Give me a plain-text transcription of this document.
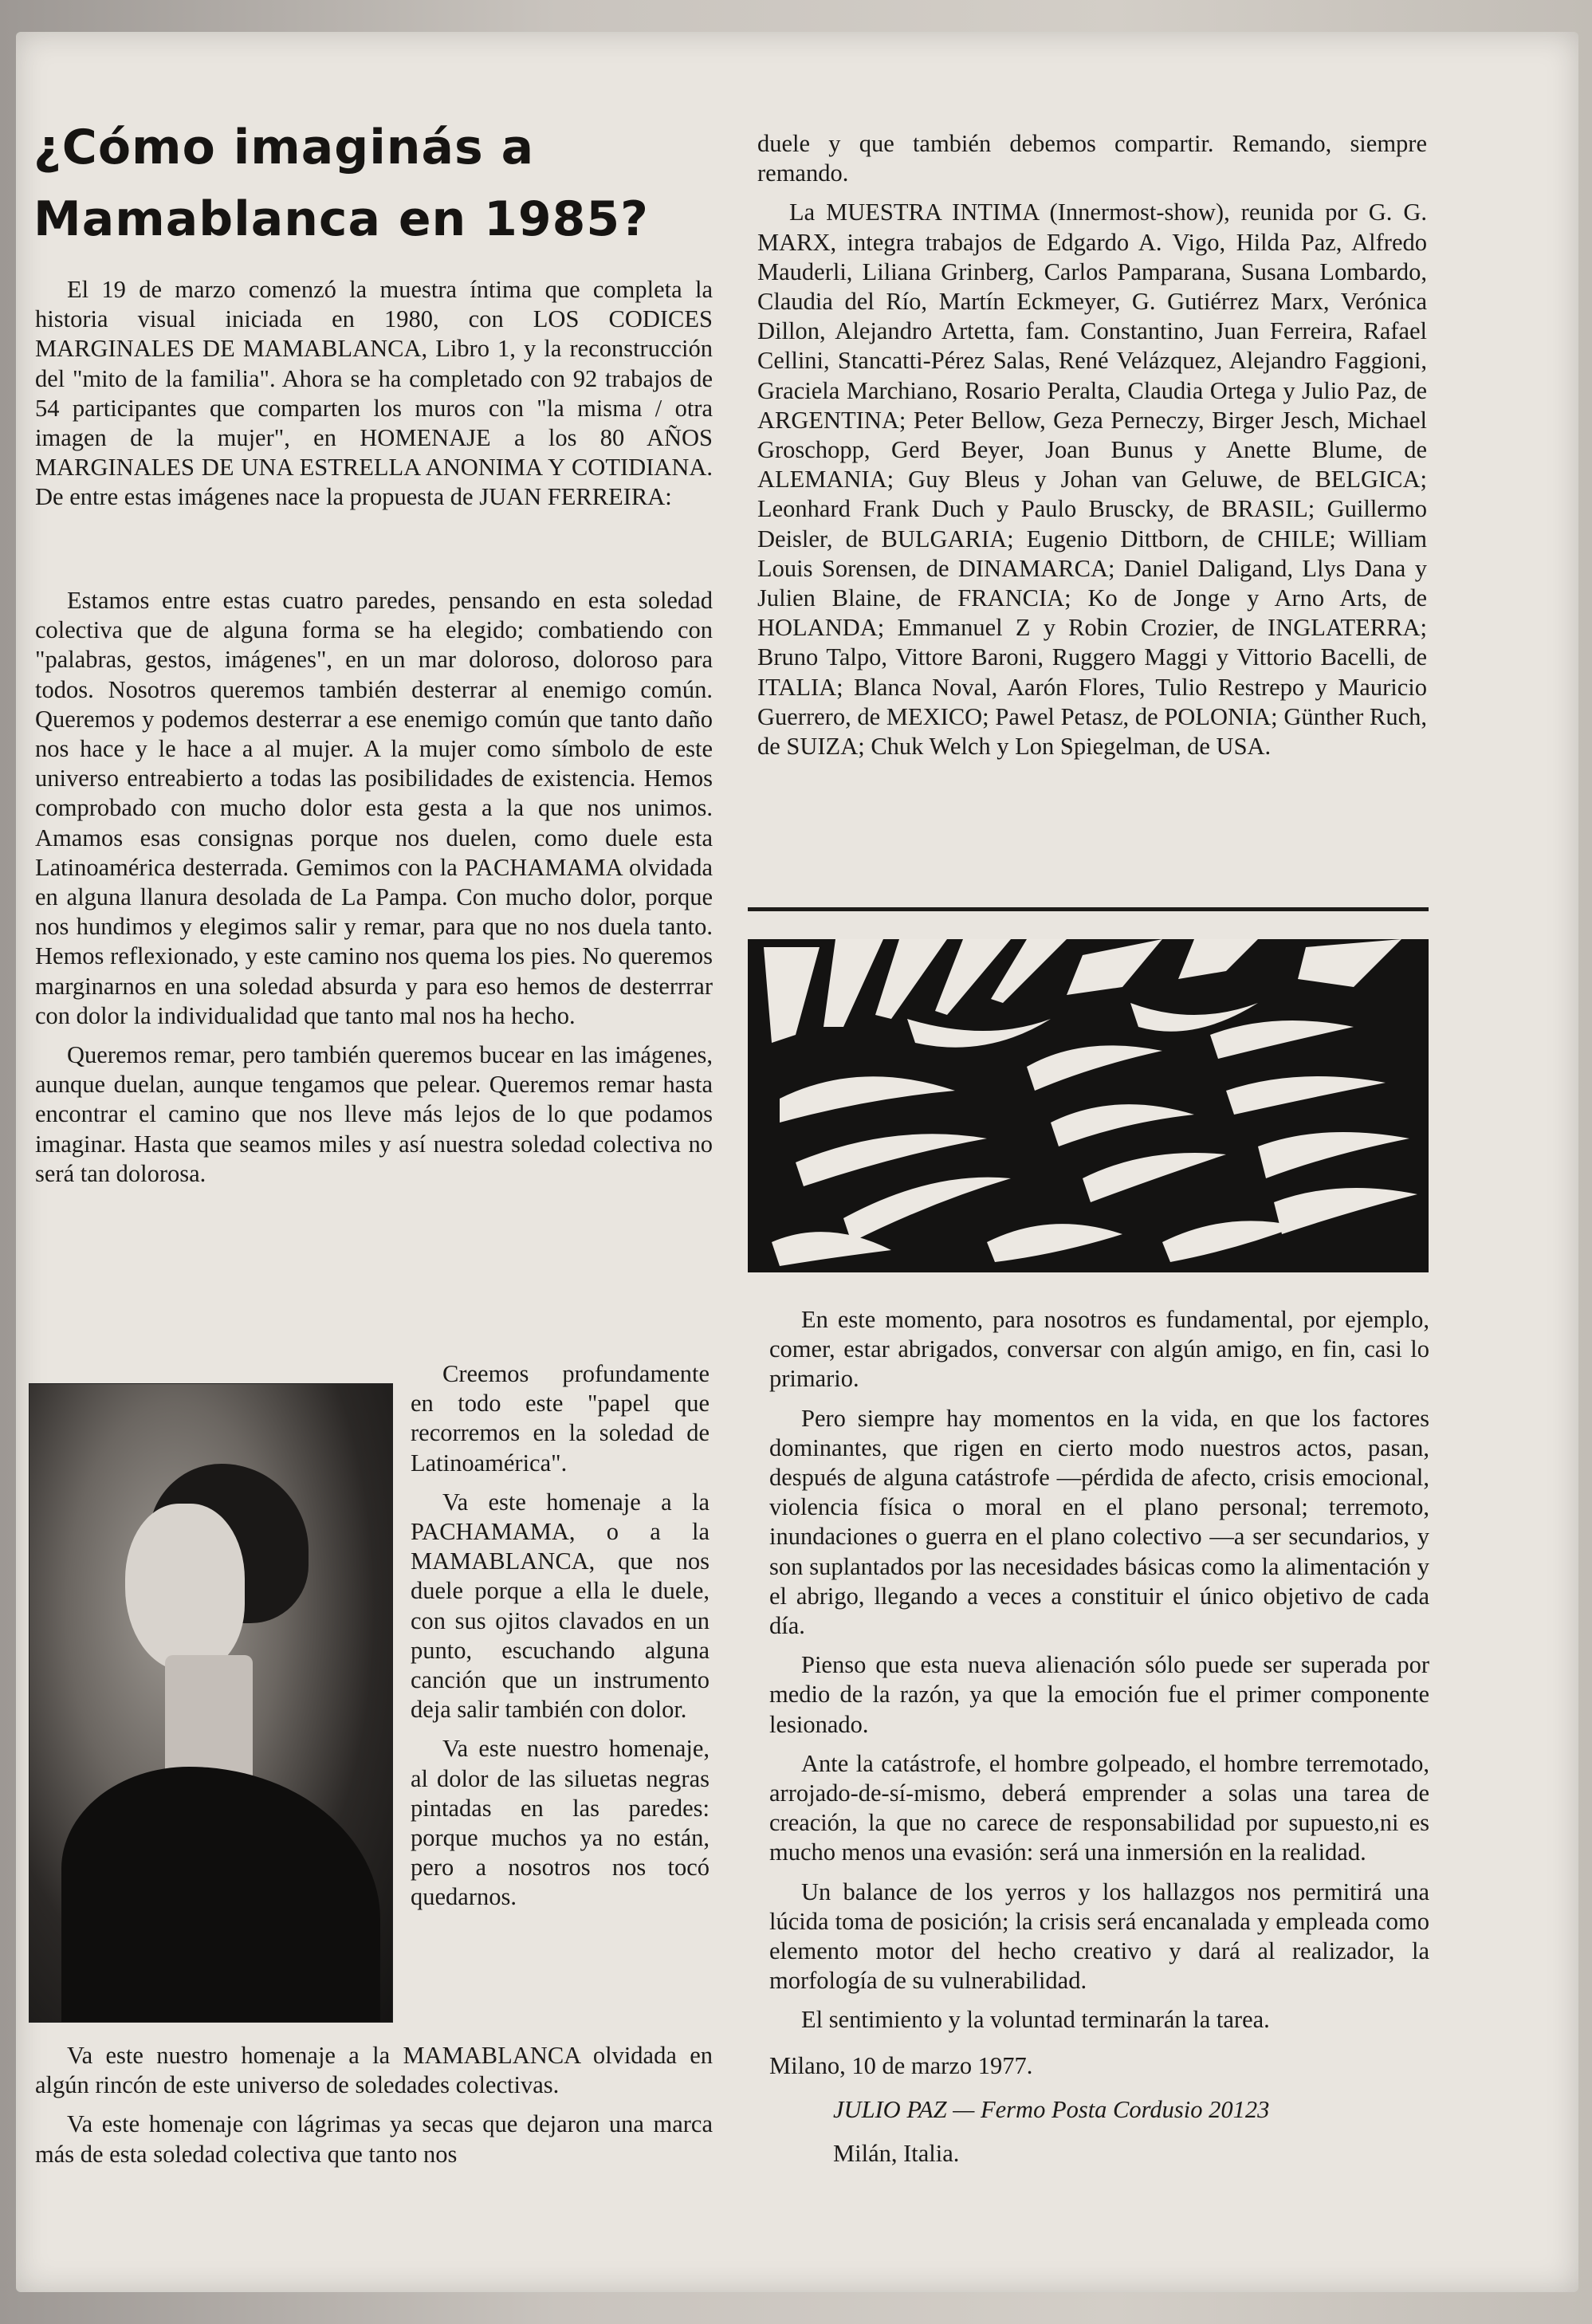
¿Cómo imaginás a
Mamablanca en 1985?

El 19 de marzo comenzó la muestra íntima que completa la historia visual iniciada en 1980, con LOS CODICES MARGINALES DE MAMABLANCA, Libro 1, y la reconstrucción del "mito de la familia". Ahora se ha completado con 92 trabajos de 54 participantes que comparten los muros con "la misma / otra imagen de la mujer", en HOMENAJE a los 80 AÑOS MARGINALES DE UNA ESTRELLA ANONIMA Y COTIDIANA. De entre estas imágenes nace la propuesta de JUAN FERREIRA:

Estamos entre estas cuatro paredes, pensando en esta soledad colectiva que de alguna forma se ha elegido; combatiendo con "palabras, gestos, imágenes", en un mar doloroso, doloroso para todos. Nosotros queremos también desterrar al enemigo común. Queremos y podemos desterrar a ese enemigo común que tanto daño nos hace y le hace a al mujer. A la mujer como símbolo de este universo entreabierto a todas las posibilidades de existencia. Hemos comprobado con mucho dolor esta gesta a la que nos unimos. Amamos esas consignas porque nos duelen, como duele esta Latinoamérica desterrada. Gemimos con la PACHAMAMA olvidada en alguna llanura desolada de La Pampa. Con mucho dolor, porque nos hundimos y elegimos salir y remar, para que no nos duela tanto. Hemos reflexionado, y este camino nos quema los pies. No queremos marginarnos en una soledad absurda y para eso hemos de desterrrar con dolor la individualidad que tanto mal nos ha hecho.

Queremos remar, pero también queremos bucear en las imágenes, aunque duelan, aunque tengamos que pelear. Queremos remar hasta encontrar el camino que nos lleve más lejos de lo que podamos imaginar. Hasta que seamos miles y así nuestra soledad colectiva no será tan dolorosa.

Creemos profundamente en todo este "papel que recorremos en la soledad de Latinoamérica".

Va este homenaje a la PACHAMAMA, o a la MAMABLANCA, que nos duele porque a ella le duele, con sus ojitos clavados en un punto, escuchando alguna canción que un instrumento deja salir también con dolor.

Va este nuestro homenaje, al dolor de las siluetas negras pintadas en las paredes: porque muchos ya no están, pero a nosotros nos tocó quedarnos.

Va este nuestro homenaje a la MAMABLANCA olvidada en algún rincón de este universo de soledades colectivas.

Va este homenaje con lágrimas ya secas que dejaron una marca más de esta soledad colectiva que tanto nos

duele y que también debemos compartir. Remando, siempre remando.

La MUESTRA INTIMA (Innermost-show), reunida por G. G. MARX, integra trabajos de Edgardo A. Vigo, Hilda Paz, Alfredo Mauderli, Liliana Grinberg, Carlos Pamparana, Susana Lombardo, Claudia del Río, Martín Eckmeyer, G. Gutiérrez Marx, Verónica Dillon, Alejandro Artetta, fam. Constantino, Juan Ferreira, Rafael Cellini, Stancatti-Pérez Salas, René Velázquez, Alejandro Faggioni, Graciela Marchiano, Rosario Peralta, Claudia Ortega y Julio Paz, de ARGENTINA; Peter Bellow, Geza Perneczy, Birger Jesch, Michael Groschopp, Gerd Beyer, Joan Bunus y Anette Blume, de ALEMANIA; Guy Bleus y Johan van Geluwe, de BELGICA; Leonhard Frank Duch y Paulo Bruscky, de BRASIL; Guillermo Deisler, de BULGARIA; Eugenio Dittborn, de CHILE; William Louis Sorensen, de DINAMARCA; Daniel Daligand, Llys Dana y Julien Blaine, de FRANCIA; Ko de Jonge y Arno Arts, de HOLANDA; Emmanuel Z y Robin Crozier, de INGLATERRA; Bruno Talpo, Vittore Baroni, Ruggero Maggi y Vittorio Bacelli, de ITALIA; Blanca Noval, Aarón Flores, Tulio Restrepo y Mauricio Guerrero, de MEXICO; Pawel Petasz, de POLONIA; Günther Ruch, de SUIZA; Chuk Welch y Lon Spiegelman, de USA.

En este momento, para nosotros es fundamental, por ejemplo, comer, estar abrigados, conversar con algún amigo, en fin, casi lo primario.

Pero siempre hay momentos en la vida, en que los factores dominantes, que rigen en cierto modo nuestros actos, pasan, después de alguna catástrofe —pérdida de afecto, crisis emocional, violencia física o moral en el plano personal; terremoto, inundaciones o guerra en el plano colectivo —a ser secundarios, y son suplantados por las necesidades básicas como la alimentación y el abrigo, llegando a veces a constituir el único objetivo de cada día.

Pienso que esta nueva alienación sólo puede ser superada por medio de la razón, ya que la emoción fue el primer componente lesionado.

Ante la catástrofe, el hombre golpeado, el hombre terremotado, arrojado-de-sí-mismo, deberá emprender a solas una tarea de creación, la que no carece de responsabilidad por supuesto,ni es mucho menos una evasión: será una inmersión en la realidad.

Un balance de los yerros y los hallazgos nos permitirá una lúcida toma de posición; la crisis será encanalada y empleada como elemento motor del hecho creativo y dará al realizador, la morfología de su vulnerabilidad.

El sentimiento y la voluntad terminarán la tarea.

Milano, 10 de marzo 1977.

JULIO PAZ — Fermo Posta Cordusio 20123

Milán, Italia.
